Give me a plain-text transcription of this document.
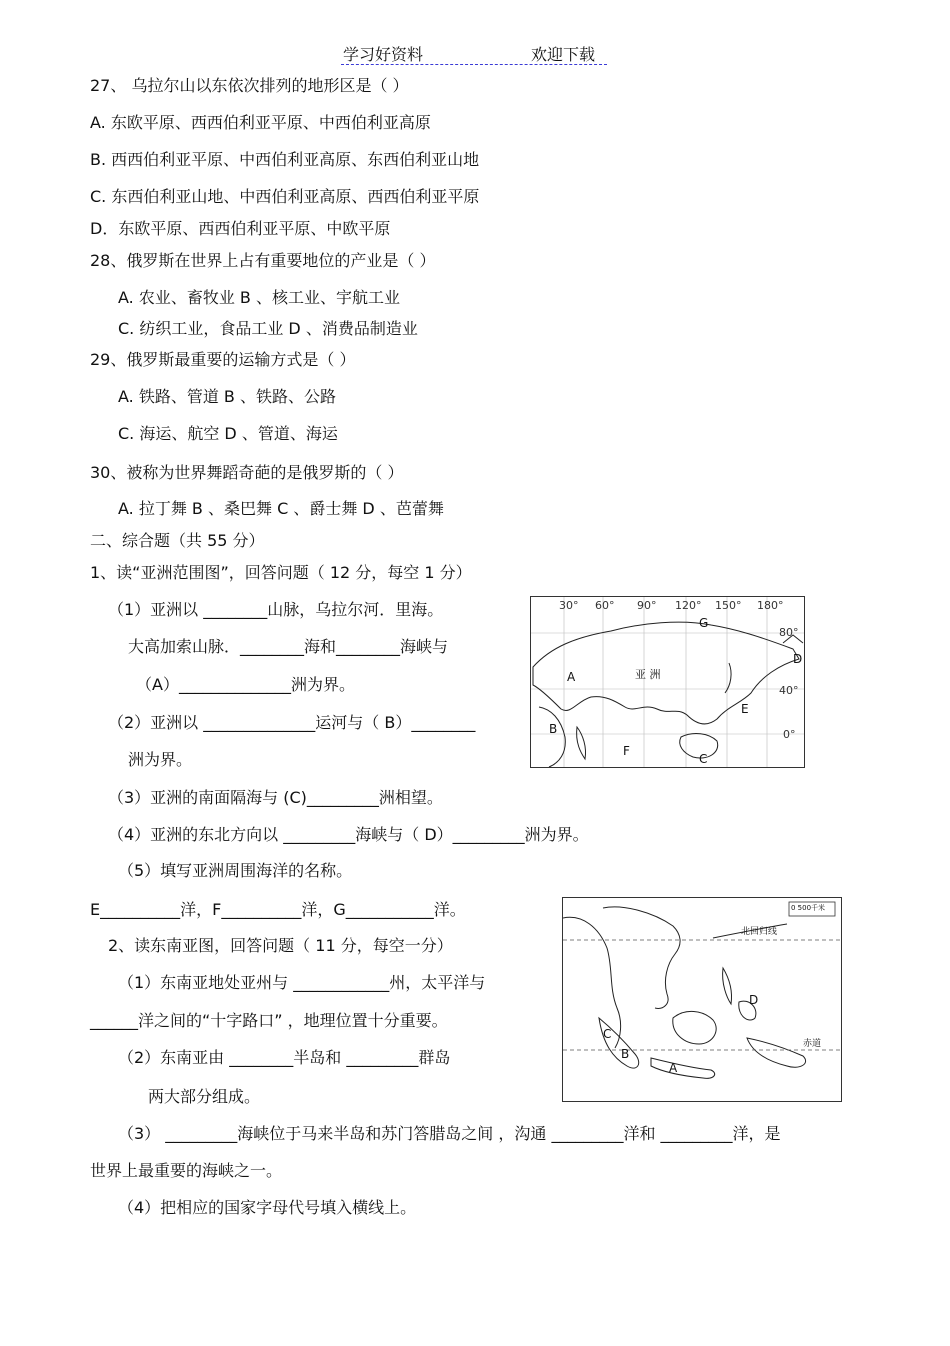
学习好资料	欢迎下载
27、 乌拉尔山以东依次排列的地形区是（ ）
A. 东欧平原、西西伯利亚平原、中西伯利亚高原
B. 西西伯利亚平原、中西伯利亚高原、东西伯利亚山地
C. 东西伯利亚山地、中西伯利亚高原、西西伯利亚平原
D．东欧平原、西西伯利亚平原、中欧平原
28、俄罗斯在世界上占有重要地位的产业是（ ）
A. 农业、畜牧业 B 、核工业、宇航工业
C. 纺织工业，食品工业 D 、消费品制造业
29、俄罗斯最重要的运输方式是（ ）
A. 铁路、管道 B 、铁路、公路
C. 海运、航空 D 、管道、海运
30、被称为世界舞蹈奇葩的是俄罗斯的（ ）
A. 拉丁舞 B 、桑巴舞 C 、爵士舞 D 、芭蕾舞
二、综合题（共 55 分）
1、读“亚洲范围图”，回答问题（ 12 分，每空 1 分）
（1）亚洲以 ________山脉，乌拉尔河．里海。
大高加索山脉．________海和________海峡与
（A）______________洲为界。
（2）亚洲以 ______________运河与（ B）________
洲为界。
（3）亚洲的南面隔海与 (C)_________洲相望。
（4）亚洲的东北方向以 _________海峡与（ D）_________洲为界。
（5）填写亚洲周围海洋的名称。
E__________洋，F__________洋，G___________洋。
2、读东南亚图，回答问题（ 11 分，每空一分）
（1）东南亚地处亚州与 ____________州，太平洋与
______洋之间的“十字路口” ，地理位置十分重要。
（2）东南亚由 ________半岛和 _________群岛
两大部分组成。
（3） _________海峡位于马来半岛和苏门答腊岛之间 ，沟通 _________洋和 _________洋，是
世界上最重要的海峡之一。
（4）把相应的国家字母代号填入横线上。
30° 60° 90° 120° 150° 180°
80°
40°
0°
A
B
C
D
E
F
G
亚 洲
0 500千米
北回归线
赤道
A
B
C
D
